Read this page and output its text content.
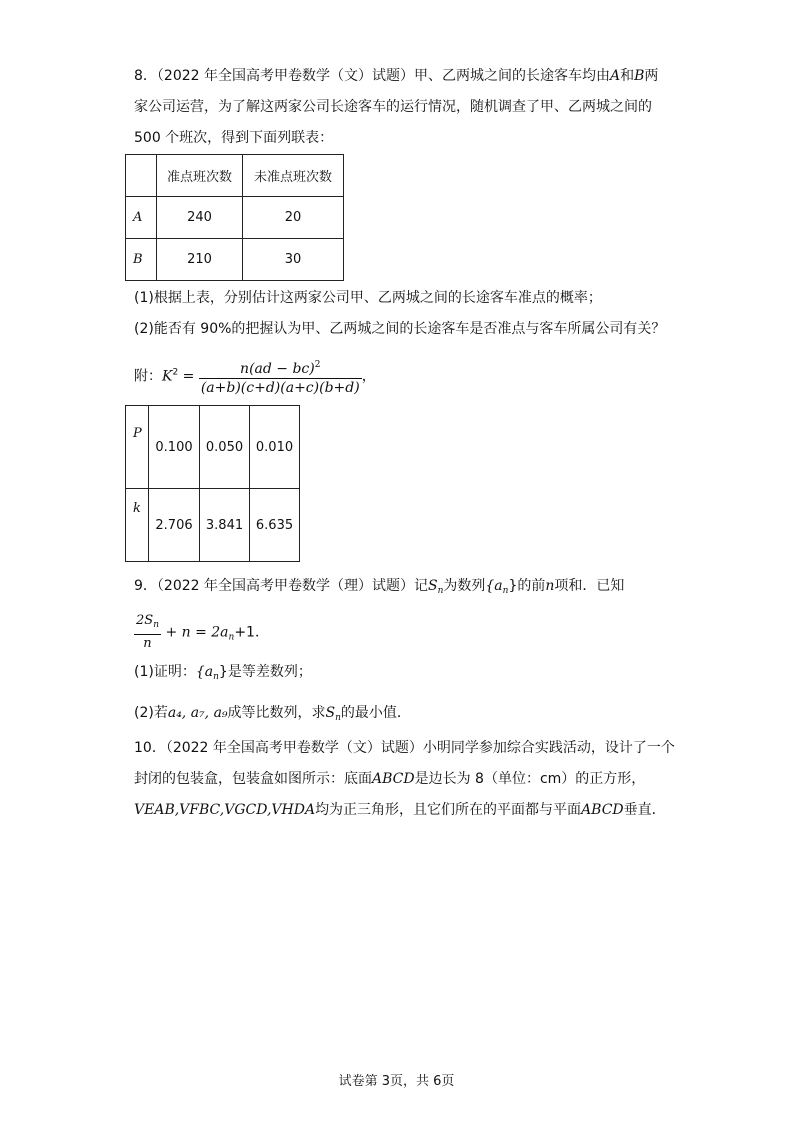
8．（2022 年全国高考甲卷数学（文）试题）甲、乙两城之间的长途客车均由A和B两
家公司运营，为了解这两家公司长途客车的运行情况，随机调查了甲、乙两城之间的
500 个班次，得到下面列联表：
	准点班次数	未准点班次数
A	240	20
B	210	30
(1)根据上表，分别估计这两家公司甲、乙两城之间的长途客车准点的概率；
(2)能否有 90%的把握认为甲、乙两城之间的长途客车是否准点与客车所属公司有关？
附：$K^2 = \frac{n(ad - bc)^2}{(a+b)(c+d)(a+c)(b+d)}$ ，
P	0.100	0.050	0.010
k	2.706	3.841	6.635
9．（2022 年全国高考甲卷数学（理）试题）记$S_n$为数列$\{a_n\}$的前n项和．已知
$\frac{2S_n}{n} + n = 2a_n+1$．
(1)证明：$\{a_n\}$是等差数列；
(2)若a₄, a₇, a₉成等比数列，求$S_n$的最小值．
10．（2022 年全国高考甲卷数学（文）试题）小明同学参加综合实践活动，设计了一个
封闭的包装盒，包装盒如图所示：底面ABCD是边长为 8（单位：cm）的正方形，
VEAB,VFBC,VGCD,VHDA均为正三角形，且它们所在的平面都与平面ABCD垂直．
试卷第 3页，共 6页
